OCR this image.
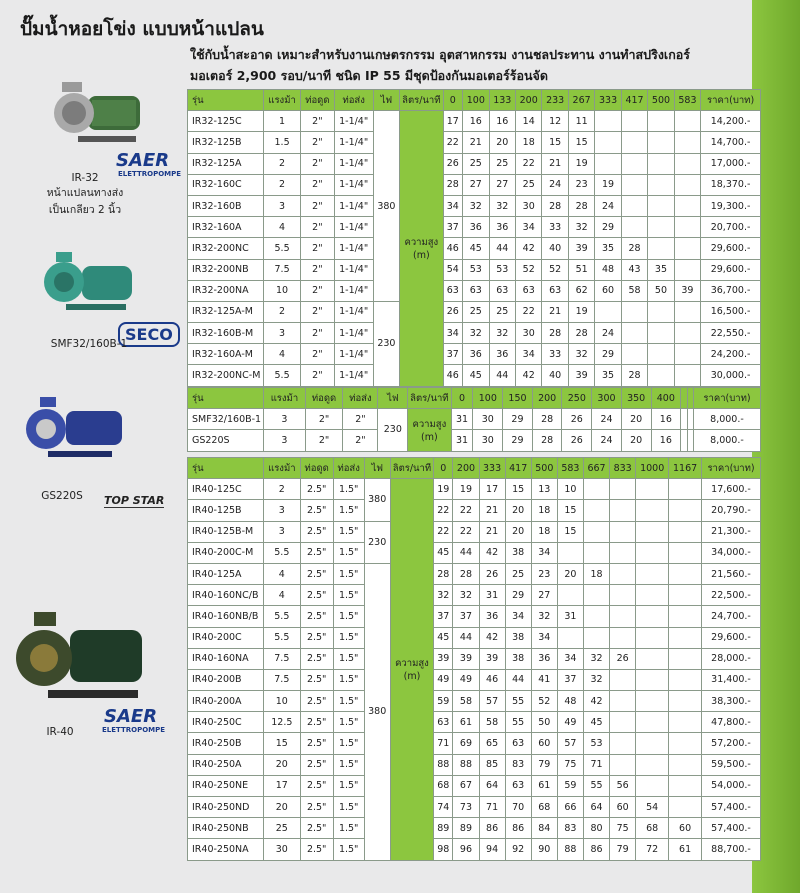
ปั๊มน้ำหอยโข่ง แบบหน้าแปลน
ใช้กับน้ำสะอาด เหมาะสำหรับงานเกษตรกรรม อุตสาหกรรม งานชลประทาน งานทำสปริงเกอร์
มอเตอร์ 2,900 รอบ/นาที ชนิด IP 55 มีชุดป้องกันมอเตอร์ร้อนจัด
SAER
ELETTROPOMPE
IR-32
หน้าแปลนทางส่ง
เป็นเกลียว 2 นิ้ว
SECO
SMF32/160B-1
GS220S	TOP STAR
SAER
ELETTROPOMPE
IR-40
รุ่น	แรงม้า	ท่อดูด	ท่อส่ง	ไฟ	ลิตร/นาที	0	100	133	200	233	267	333	417	500	583	ราคา(บาท)
IR32-125C	1	2"	1-1/4"	380	ความสูง (m)	17	16	16	14	12	11					14,200.-
IR32-125B	1.5	2"	1-1/4"			22	21	20	18	15	15					14,700.-
IR32-125A	2	2"	1-1/4"			26	25	25	22	21	19					17,000.-
IR32-160C	2	2"	1-1/4"			28	27	27	25	24	23	19				18,370.-
IR32-160B	3	2"	1-1/4"			34	32	32	30	28	28	24				19,300.-
IR32-160A	4	2"	1-1/4"			37	36	36	34	33	32	29				20,700.-
IR32-200NC	5.5	2"	1-1/4"			46	45	44	42	40	39	35	28			29,600.-
IR32-200NB	7.5	2"	1-1/4"			54	53	53	52	52	51	48	43	35		29,600.-
IR32-200NA	10	2"	1-1/4"			63	63	63	63	63	62	60	58	50	39	36,700.-
IR32-125A-M	2	2"	1-1/4"	230		26	25	25	22	21	19					16,500.-
IR32-160B-M	3	2"	1-1/4"			34	32	32	30	28	28	24				22,550.-
IR32-160A-M	4	2"	1-1/4"			37	36	36	34	33	32	29				24,200.-
IR32-200NC-M	5.5	2"	1-1/4"			46	45	44	42	40	39	35	28			30,000.-
รุ่น	แรงม้า	ท่อดูด	ท่อส่ง	ไฟ	ลิตร/นาที	0	100	150	200	250	300	350	400			ราคา(บาท)
SMF32/160B-1	3	2"	2"	230	ความสูง (m)	31	30	29	28	26	24	20	16			8,000.-
GS220S	3	2"	2"			31	30	29	28	26	24	20	16			8,000.-
รุ่น	แรงม้า	ท่อดูด	ท่อส่ง	ไฟ	ลิตร/นาที	0	200	333	417	500	583	667	833	1000	1167	ราคา(บาท)
IR40-125C	2	2.5"	1.5"	380	ความสูง (m)	19	19	17	15	13	10					17,600.-
IR40-125B	3	2.5"	1.5"			22	22	21	20	18	15					20,790.-
IR40-125B-M	3	2.5"	1.5"	230		22	22	21	20	18	15					21,300.-
IR40-200C-M	5.5	2.5"	1.5"			45	44	42	38	34						34,000.-
IR40-125A	4	2.5"	1.5"	380		28	28	26	25	23	20	18				21,560.-
IR40-160NC/B	4	2.5"	1.5"			32	32	31	29	27						22,500.-
IR40-160NB/B	5.5	2.5"	1.5"			37	37	36	34	32	31					24,700.-
IR40-200C	5.5	2.5"	1.5"			45	44	42	38	34						29,600.-
IR40-160NA	7.5	2.5"	1.5"			39	39	39	38	36	34	32	26			28,000.-
IR40-200B	7.5	2.5"	1.5"			49	49	46	44	41	37	32				31,400.-
IR40-200A	10	2.5"	1.5"			59	58	57	55	52	48	42				38,300.-
IR40-250C	12.5	2.5"	1.5"			63	61	58	55	50	49	45				47,800.-
IR40-250B	15	2.5"	1.5"			71	69	65	63	60	57	53				57,200.-
IR40-250A	20	2.5"	1.5"			88	88	85	83	79	75	71				59,500.-
IR40-250NE	17	2.5"	1.5"			68	67	64	63	61	59	55	56			54,000.-
IR40-250ND	20	2.5"	1.5"			74	73	71	70	68	66	64	60	54		57,400.-
IR40-250NB	25	2.5"	1.5"			89	89	86	86	84	83	80	75	68	60	57,400.-
IR40-250NA	30	2.5"	1.5"			98	96	94	92	90	88	86	79	72	61	88,700.-
